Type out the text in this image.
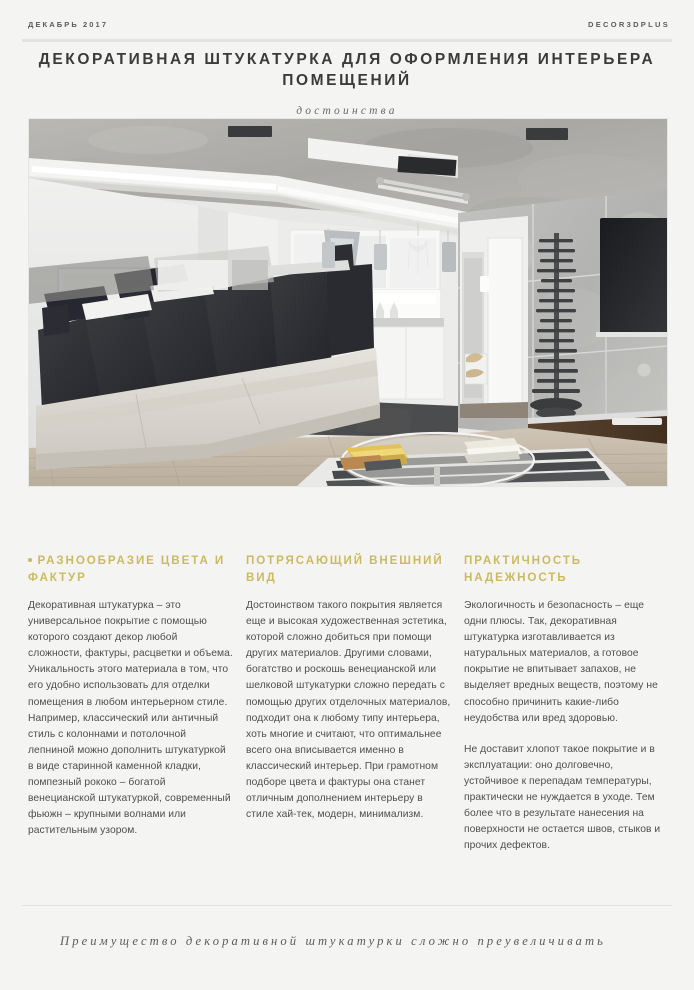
ДЕКАБРЬ 2017	DECOR3DPLUS
ДЕКОРАТИВНАЯ ШТУКАТУРКА ДЛЯ ОФОРМЛЕНИЯ ИНТЕРЬЕРА ПОМЕЩЕНИЙ
достоинства
РАЗНООБРАЗИЕ ЦВЕТА И ФАКТУР

Декоративная штукатурка – это универсальное покрытие с помощью которого создают декор любой сложности, фактуры, расцветки и объема. Уникальность этого материала в том, что его удобно использовать для отделки помещения в любом интерьерном стиле. Например, классический или античный стиль с колоннами и потолочной лепниной можно дополнить штукатуркой в виде старинной каменной кладки, помпезный рококо – богатой венецианской штукатуркой, современный фьюжн – крупными волнами или растительным узором.

ПОТРЯСАЮЩИЙ ВНЕШНИЙ ВИД

Достоинством такого покрытия является еще и высокая художественная эстетика, которой сложно добиться при помощи других материалов. Другими словами, богатство и роскошь венецианской или шелковой штукатурки сложно передать с помощью других отделочных материалов, подходит она к любому типу интерьера, хоть многие и считают, что оптимальнее всего она вписывается именно в классический интерьер. При грамотном подборе цвета и фактуры она станет отличным дополнением интерьеру в стиле хай-тек, модерн, минимализм.

ПРАКТИЧНОСТЬ НАДЕЖНОСТЬ

Экологичность и безопасность – еще одни плюсы. Так, декоративная штукатурка изготавливается из натуральных материалов, а готовое покрытие не впитывает запахов, не выделяет вредных веществ, поэтому не способно причинить какие-либо неудобства или вред здоровью.

Не доставит хлопот такое покрытие и в эксплуатации: оно долговечно, устойчивое к перепадам температуры, практически не нуждается в уходе. Тем более что в результате нанесения на поверхности не остается швов, стыков и прочих дефектов.

Преимущество декоративной штукатурки сложно преувеличивать
